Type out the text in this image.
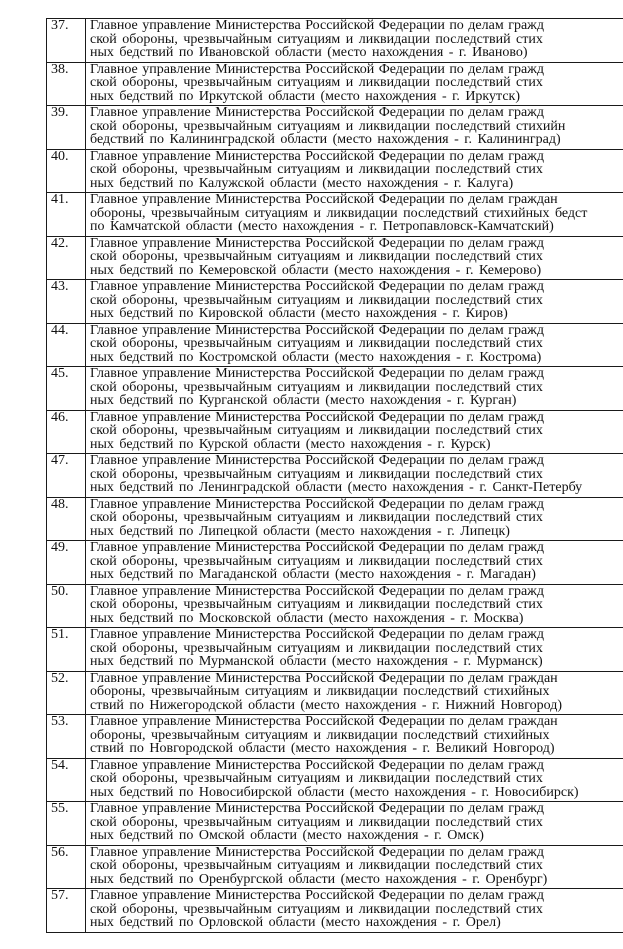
37.	Главное управление Министерства Российской Федерации по делам гражд
ской обороны, чрезвычайным ситуациям и ликвидации последствий стих
ных бедствий по Ивановской области (место нахождения - г. Иваново)

38.	Главное управление Министерства Российской Федерации по делам гражд
ской обороны, чрезвычайным ситуациям и ликвидации последствий стих
ных бедствий по Иркутской области (место нахождения - г. Иркутск)

39.	Главное управление Министерства Российской Федерации по делам гражд
ской обороны, чрезвычайным ситуациям и ликвидации последствий стихийн
бедствий по Калининградской области (место нахождения - г. Калининград)

40.	Главное управление Министерства Российской Федерации по делам гражд
ской обороны, чрезвычайным ситуациям и ликвидации последствий стих
ных бедствий по Калужской области (место нахождения - г. Калуга)

41.	Главное управление Министерства Российской Федерации по делам граждан
обороны, чрезвычайным ситуациям и ликвидации последствий стихийных бедст
по Камчатской области (место нахождения - г. Петропавловск-Камчатский)

42.	Главное управление Министерства Российской Федерации по делам гражд
ской обороны, чрезвычайным ситуациям и ликвидации последствий стих
ных бедствий по Кемеровской области (место нахождения - г. Кемерово)

43.	Главное управление Министерства Российской Федерации по делам гражд
ской обороны, чрезвычайным ситуациям и ликвидации последствий стих
ных бедствий по Кировской области (место нахождения - г. Киров)

44.	Главное управление Министерства Российской Федерации по делам гражд
ской обороны, чрезвычайным ситуациям и ликвидации последствий стих
ных бедствий по Костромской области (место нахождения - г. Кострома)

45.	Главное управление Министерства Российской Федерации по делам гражд
ской обороны, чрезвычайным ситуациям и ликвидации последствий стих
ных бедствий по Курганской области (место нахождения - г. Курган)

46.	Главное управление Министерства Российской Федерации по делам гражд
ской обороны, чрезвычайным ситуациям и ликвидации последствий стих
ных бедствий по Курской области (место нахождения - г. Курск)

47.	Главное управление Министерства Российской Федерации по делам гражд
ской обороны, чрезвычайным ситуациям и ликвидации последствий стих
ных бедствий по Ленинградской области (место нахождения - г. Санкт-Петербу

48.	Главное управление Министерства Российской Федерации по делам гражд
ской обороны, чрезвычайным ситуациям и ликвидации последствий стих
ных бедствий по Липецкой области (место нахождения - г. Липецк)

49.	Главное управление Министерства Российской Федерации по делам гражд
ской обороны, чрезвычайным ситуациям и ликвидации последствий стих
ных бедствий по Магаданской области (место нахождения - г. Магадан)

50.	Главное управление Министерства Российской Федерации по делам гражд
ской обороны, чрезвычайным ситуациям и ликвидации последствий стих
ных бедствий по Московской области (место нахождения - г. Москва)

51.	Главное управление Министерства Российской Федерации по делам гражд
ской обороны, чрезвычайным ситуациям и ликвидации последствий стих
ных бедствий по Мурманской области (место нахождения - г. Мурманск)

52.	Главное управление Министерства Российской Федерации по делам граждан
обороны, чрезвычайным ситуациям и ликвидации последствий стихийных
ствий по Нижегородской области (место нахождения - г. Нижний Новгород)

53.	Главное управление Министерства Российской Федерации по делам граждан
обороны, чрезвычайным ситуациям и ликвидации последствий стихийных
ствий по Новгородской области (место нахождения - г. Великий Новгород)

54.	Главное управление Министерства Российской Федерации по делам гражд
ской обороны, чрезвычайным ситуациям и ликвидации последствий стих
ных бедствий по Новосибирской области (место нахождения - г. Новосибирск)

55.	Главное управление Министерства Российской Федерации по делам гражд
ской обороны, чрезвычайным ситуациям и ликвидации последствий стих
ных бедствий по Омской области (место нахождения - г. Омск)

56.	Главное управление Министерства Российской Федерации по делам гражд
ской обороны, чрезвычайным ситуациям и ликвидации последствий стих
ных бедствий по Оренбургской области (место нахождения - г. Оренбург)

57.	Главное управление Министерства Российской Федерации по делам гражд
ской обороны, чрезвычайным ситуациям и ликвидации последствий стих
ных бедствий по Орловской области (место нахождения - г. Орел)
